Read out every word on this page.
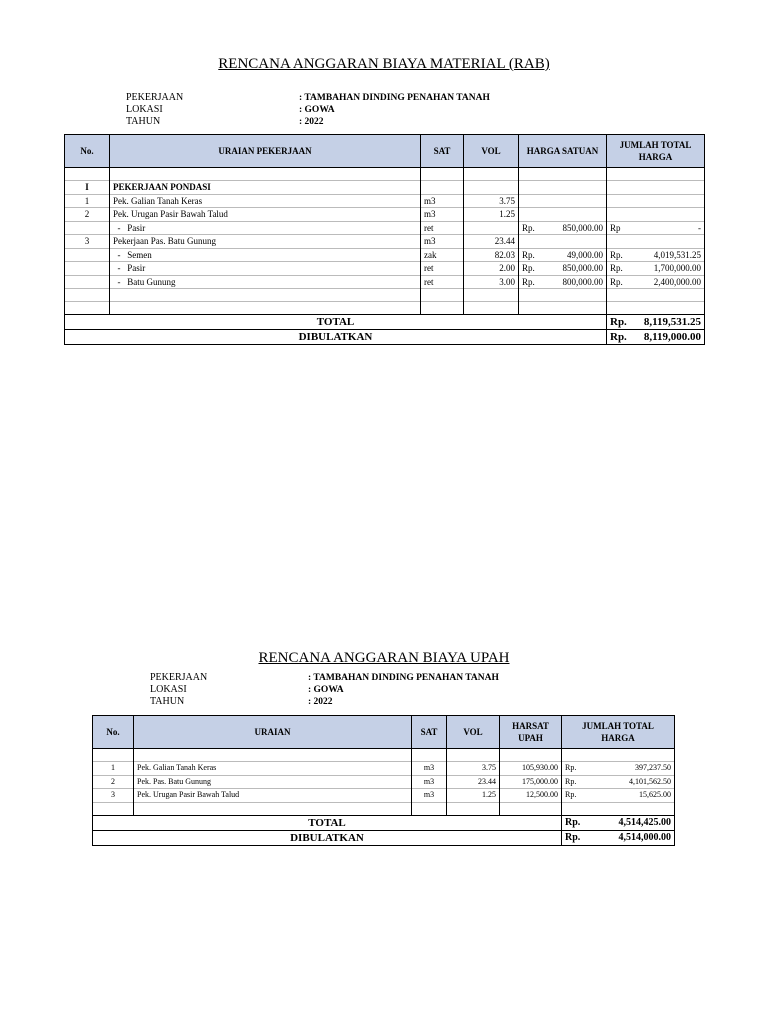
RENCANA ANGGARAN BIAYA MATERIAL (RAB)
PEKERJAAN	: TAMBAHAN DINDING PENAHAN TANAH
LOKASI	: GOWA
TAHUN	: 2022
No.	URAIAN PEKERJAAN	SAT	VOL	HARGA SATUAN	JUMLAH TOTAL HARGA

I	PEKERJAAN PONDASI			

1	Pek. Galian Tanah Keras	m3	3.75	

2	Pek. Urugan Pasir Bawah Talud	m3	1.25	

	-   Pasir	ret		Rp. 850,000.00	Rp -

3	Pekerjaan Pas. Batu Gunung	m3	23.44	

	-   Semen	zak	82.03	Rp. 49,000.00	Rp. 4,019,531.25

	-   Pasir	ret	2.00	Rp. 850,000.00	Rp. 1,700,000.00

	-   Batu Gunung	ret	3.00	Rp. 800,000.00	Rp. 2,400,000.00

TOTAL					Rp. 8,119,531.25

DIBULATKAN					Rp. 8,119,000.00
RENCANA ANGGARAN BIAYA UPAH
PEKERJAAN	: TAMBAHAN DINDING PENAHAN TANAH
LOKASI	: GOWA
TAHUN	: 2022
No.	URAIAN	SAT	VOL	HARSAT UPAH	JUMLAH TOTAL HARGA

1	Pek. Galian Tanah Keras	m3	3.75	105,930.00	Rp. 397,237.50

2	Pek. Pas. Batu Gunung	m3	23.44	175,000.00	Rp. 4,101,562.50

3	Pek. Urugan Pasir Bawah Talud	m3	1.25	12,500.00	Rp. 15,625.00

TOTAL					Rp. 4,514,425.00

DIBULATKAN					Rp. 4,514,000.00
